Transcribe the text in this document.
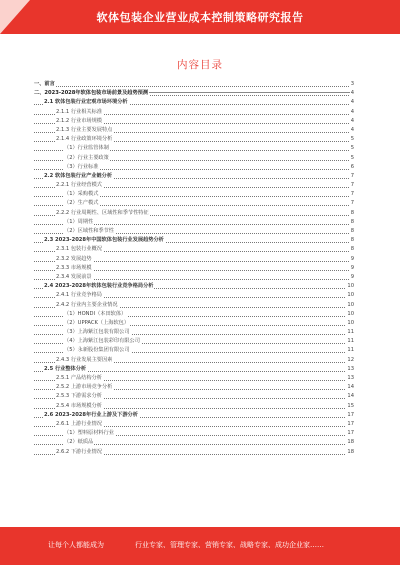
软体包装企业营业成本控制策略研究报告
内容目录
一、前言	3
二、2023-2028年软体包装市场前景及趋势预测	4
2.1 软体包装行业宏观市场环境分析	4
2.1.1 行业相关标准	4
2.1.2 行业市场规模	4
2.1.3 行业主要发展特点	4
2.1.4 行业政策环境分析	5
（1）行业监管体制	5
（2）行业主要政策	5
（3）行业标准	6
2.2 软体包装行业产业链分析	7
2.2.1 行业经营模式	7
（1）采购模式	7
（2）生产模式	7
2.2.2 行业周期性、区域性和季节性特征	8
（1）周期性	8
（2）区域性和季节性	8
2.3 2023-2028年中国软体包装行业发展趋势分析	8
2.3.1 包装行业概况	8
2.3.2 发展趋势	9
2.3.3 市场规模	9
2.3.4 发展前景	9
2.4 2023-2028年软体包装行业竞争格局分析	10
2.4.1 行业竞争格局	10
2.4.2 行业内主要企业情况	10
（1）HONDI（本田软体）	10
（2）UPPACK（上海软包）	10
（3）上海紫江包装有限公司	11
（4）上海紫江包装彩印有限公司	11
（5）永新股份集团有限公司	11
2.4.3 行业发展主要因素	12
2.5 行业整体分析	13
2.5.1 产品结构分析	13
2.5.2 上游市场竞争分析	14
2.5.3 下游需求分析	14
2.5.4 市场规模分析	15
2.6 2023-2028年行业上游及下游分析	17
2.6.1 上游行业情况	17
（1）塑料原材料行业	17
（2）纸质品	18
2.6.2 下游行业情况	18
让每个人都能成为	行业专家、管理专家、营销专家、战略专家、成功企业家……
